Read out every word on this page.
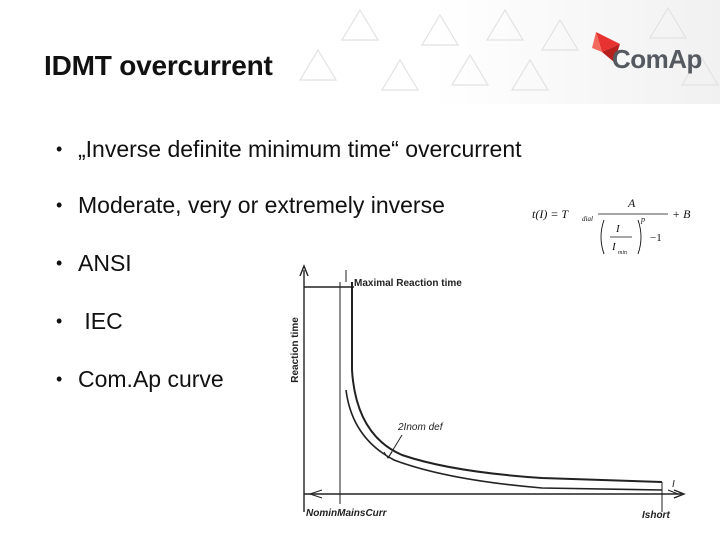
IDMT overcurrent	ComAp
• „Inverse definite minimum time“ overcurrent
• Moderate, very or extremely inverse
• ANSI
• IEC
• Com.Ap curve
t(I) = T dial
A
I
I min
p
−1
+ B
Reaction time
Maximal Reaction time
2Inom def
I
NominMainsCurr	Ishort
